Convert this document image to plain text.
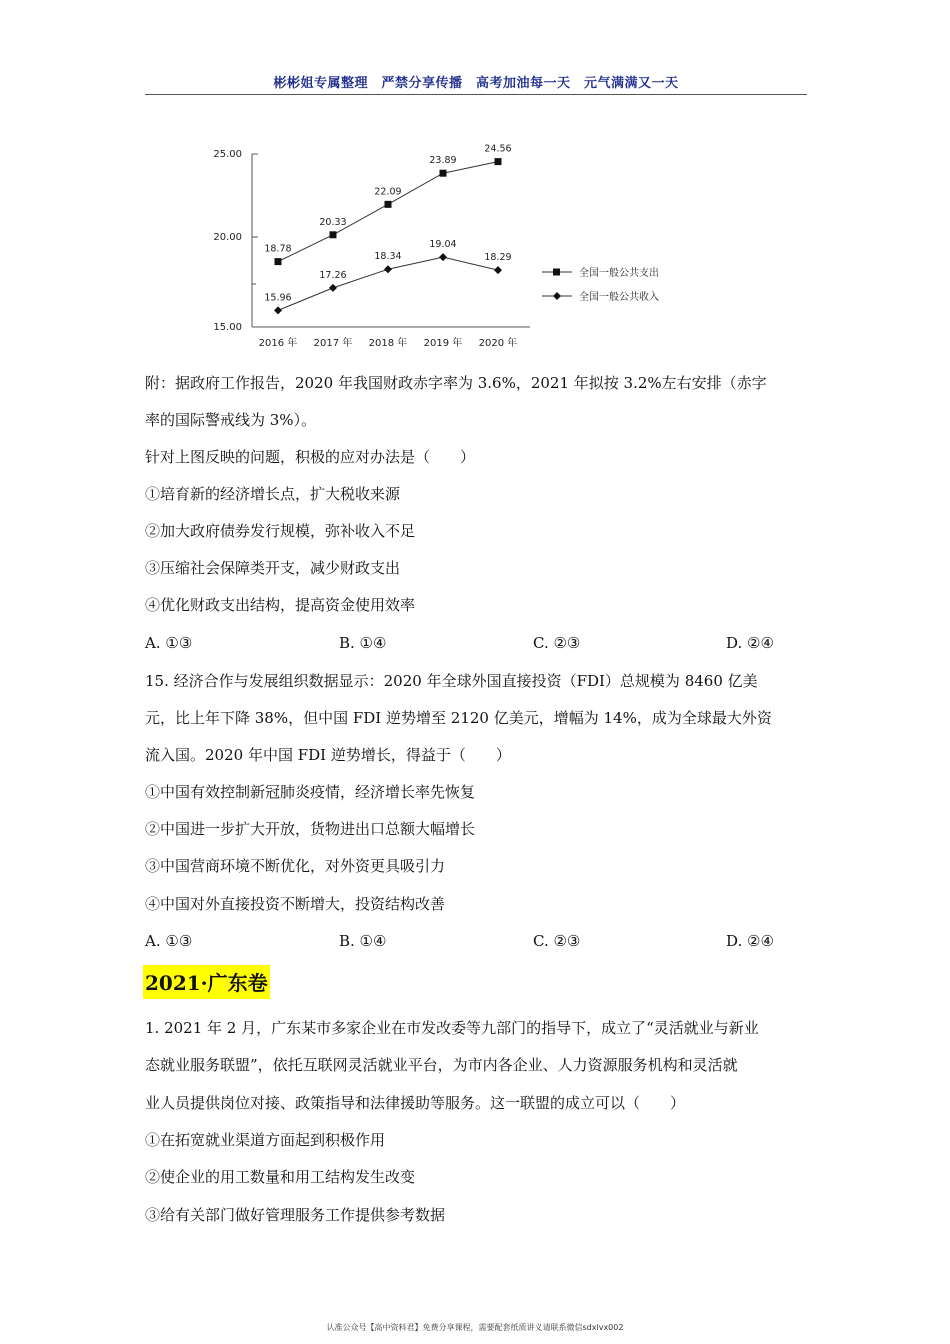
彬彬姐专属整理　严禁分享传播　高考加油每一天　元气满满又一天
25.00
20.00
15.00
18.78
20.33
22.09
23.89
24.56
15.96
17.26
18.34
19.04
18.29
2016 年 2017 年 2018 年 2019 年 2020 年
全国一般公共支出
全国一般公共收入

附：据政府工作报告，2020 年我国财政赤字率为 3.6%，2021 年拟按 3.2%左右安排（赤字

率的国际警戒线为 3%）。

针对上图反映的问题，积极的应对办法是（　　）

①培育新的经济增长点，扩大税收来源

②加大政府债券发行规模，弥补收入不足

③压缩社会保障类开支，减少财政支出

④优化财政支出结构，提高资金使用效率

A. ①③	B. ①④	C. ②③	D. ②④

15. 经济合作与发展组织数据显示：2020 年全球外国直接投资（FDI）总规模为 8460 亿美

元，比上年下降 38%，但中国 FDI 逆势增至 2120 亿美元，增幅为 14%，成为全球最大外资

流入国。2020 年中国 FDI 逆势增长，得益于（　　）

①中国有效控制新冠肺炎疫情，经济增长率先恢复

②中国进一步扩大开放，货物进出口总额大幅增长

③中国营商环境不断优化，对外资更具吸引力

④中国对外直接投资不断增大，投资结构改善

A. ①③	B. ①④	C. ②③	D. ②④
2021·广东卷

1. 2021 年 2 月，广东某市多家企业在市发改委等九部门的指导下，成立了“灵活就业与新业

态就业服务联盟”，依托互联网灵活就业平台，为市内各企业、人力资源服务机构和灵活就

业人员提供岗位对接、政策指导和法律援助等服务。这一联盟的成立可以（　　）

①在拓宽就业渠道方面起到积极作用

②使企业的用工数量和用工结构发生改变

③给有关部门做好管理服务工作提供参考数据

认准公众号【高中资料君】免费分享课程，需要配套纸质讲义请联系微信sdxlvx002
